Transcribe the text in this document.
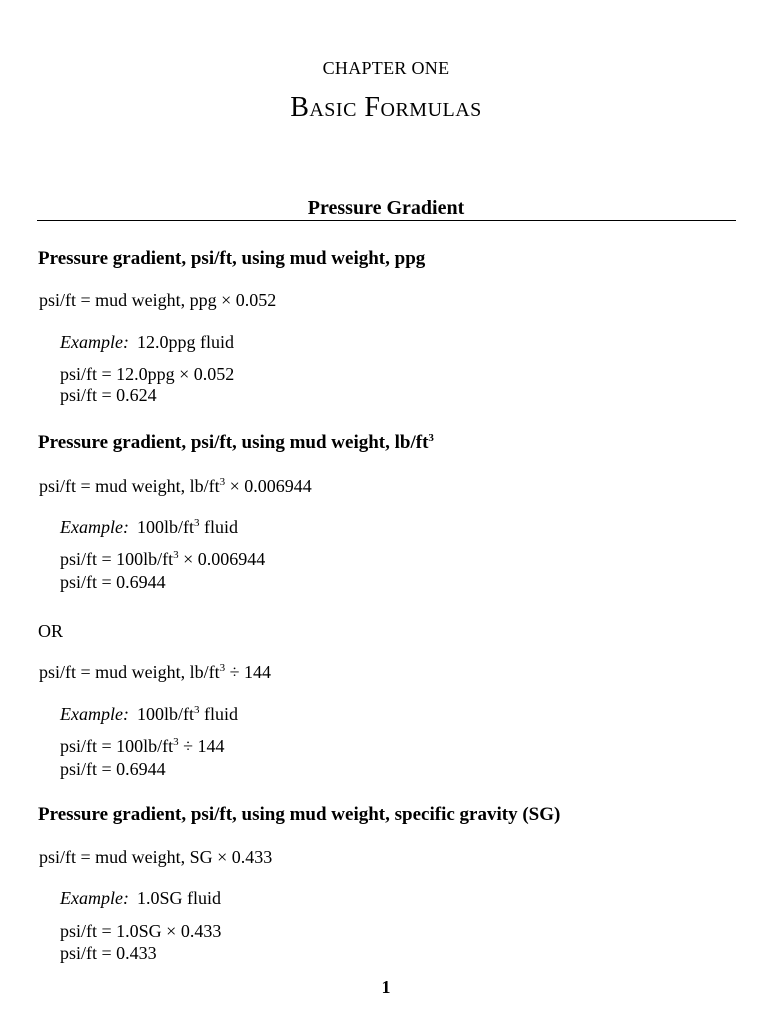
CHAPTER ONE
Basic Formulas
Pressure Gradient
Pressure gradient, psi/ft, using mud weight, ppg
psi/ft = mud weight, ppg × 0.052
Example: 12.0ppg fluid
psi/ft = 12.0ppg × 0.052
psi/ft = 0.624
Pressure gradient, psi/ft, using mud weight, $lb/ft^3$
psi/ft = mud weight, $lb/ft^3 \times 0.006944$
Example: $100lb/ft^3$ fluid
$psi/ft = 100lb/ft^3 \times 0.006944$
psi/ft = 0.6944
OR
psi/ft = mud weight, $lb/ft^3 \div 144$
Example: $100lb/ft^3$ fluid
$psi/ft = 100lb/ft^3 \div 144$
psi/ft = 0.6944
Pressure gradient, psi/ft, using mud weight, specific gravity (SG)
psi/ft = mud weight, SG × 0.433
Example: 1.0SG fluid
psi/ft = 1.0SG × 0.433
psi/ft = 0.433
1
